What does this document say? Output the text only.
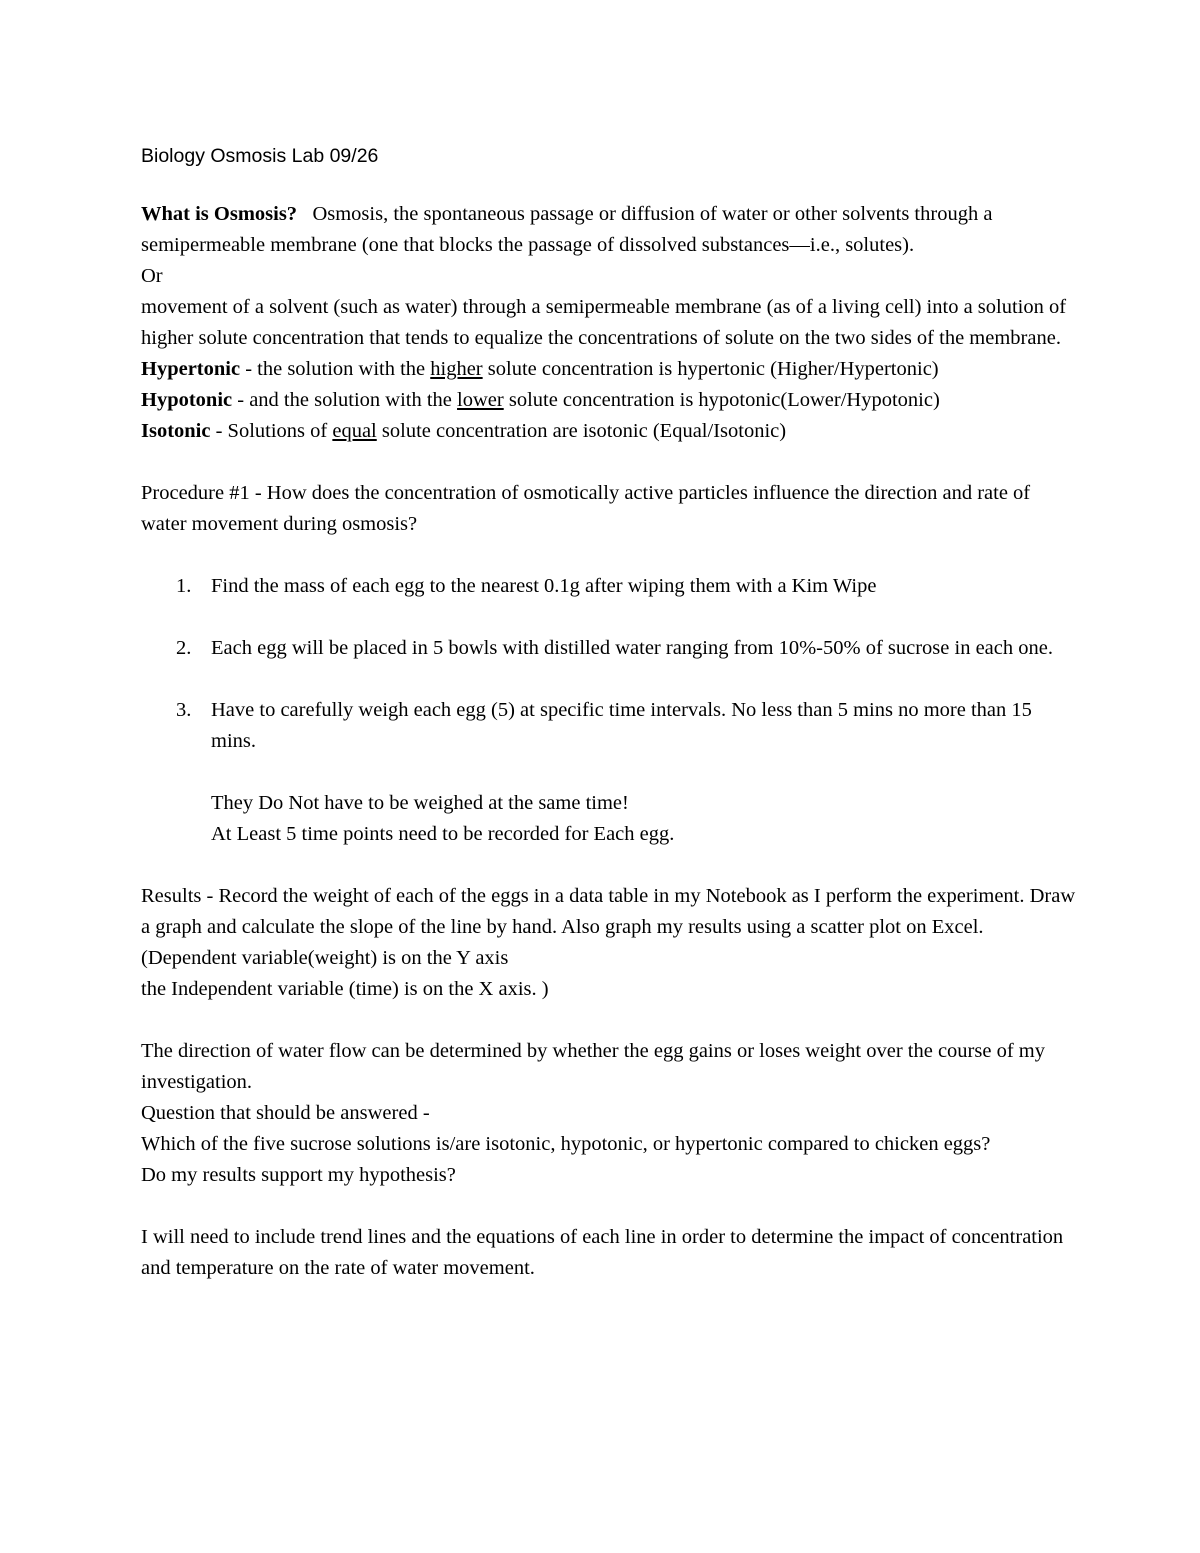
Biology Osmosis Lab 09/26

What is Osmosis? Osmosis, the spontaneous passage or diffusion of water or other solvents through a semipermeable membrane (one that blocks the passage of dissolved substances—i.e., solutes).

Or

movement of a solvent (such as water) through a semipermeable membrane (as of a living cell) into a solution of higher solute concentration that tends to equalize the concentrations of solute on the two sides of the membrane.

Hypertonic - the solution with the higher solute concentration is hypertonic (Higher/Hypertonic)

Hypotonic - and the solution with the lower solute concentration is hypotonic(Lower/Hypotonic)

Isotonic - Solutions of equal solute concentration are isotonic (Equal/Isotonic)

Procedure #1 - How does the concentration of osmotically active particles influence the direction and rate of water movement during osmosis?

1. Find the mass of each egg to the nearest 0.1g after wiping them with a Kim Wipe
2. Each egg will be placed in 5 bowls with distilled water ranging from 10%-50% of sucrose in each one.
3. Have to carefully weigh each egg (5) at specific time intervals. No less than 5 mins no more than 15 mins.

They Do Not have to be weighed at the same time!

At Least 5 time points need to be recorded for Each egg.

Results - Record the weight of each of the eggs in a data table in my Notebook as I perform the experiment. Draw a graph and calculate the slope of the line by hand. Also graph my results using a scatter plot on Excel. (Dependent variable(weight) is on the Y axis

the Independent variable (time) is on the X axis. )

The direction of water flow can be determined by whether the egg gains or loses weight over the course of my investigation.

Question that should be answered -

Which of the five sucrose solutions is/are isotonic, hypotonic, or hypertonic compared to chicken eggs?

Do my results support my hypothesis?

I will need to include trend lines and the equations of each line in order to determine the impact of concentration and temperature on the rate of water movement.
